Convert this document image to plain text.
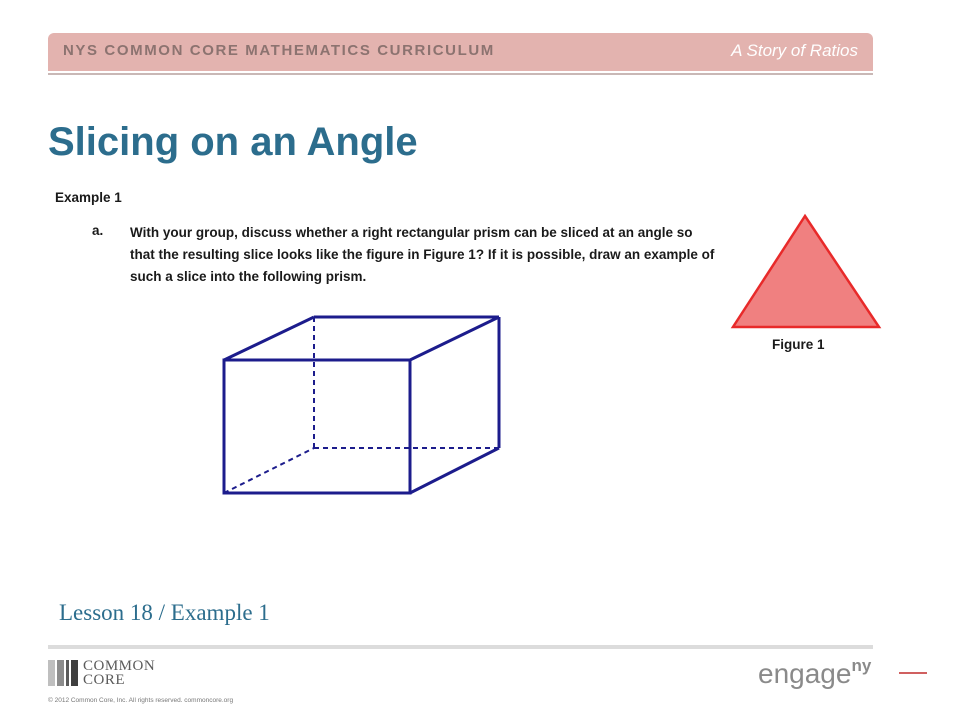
NYS COMMON CORE MATHEMATICS CURRICULUM	A Story of Ratios
Slicing on an Angle
Example 1
a. With your group, discuss whether a right rectangular prism can be sliced at an angle so that the resulting slice looks like the figure in Figure 1? If it is possible, draw an example of such a slice into the following prism.
Figure 1
Lesson 18 / Example 1
COMMON
CORE
© 2012 Common Core, Inc. All rights reserved. commoncore.org
engage$^{ny}$
